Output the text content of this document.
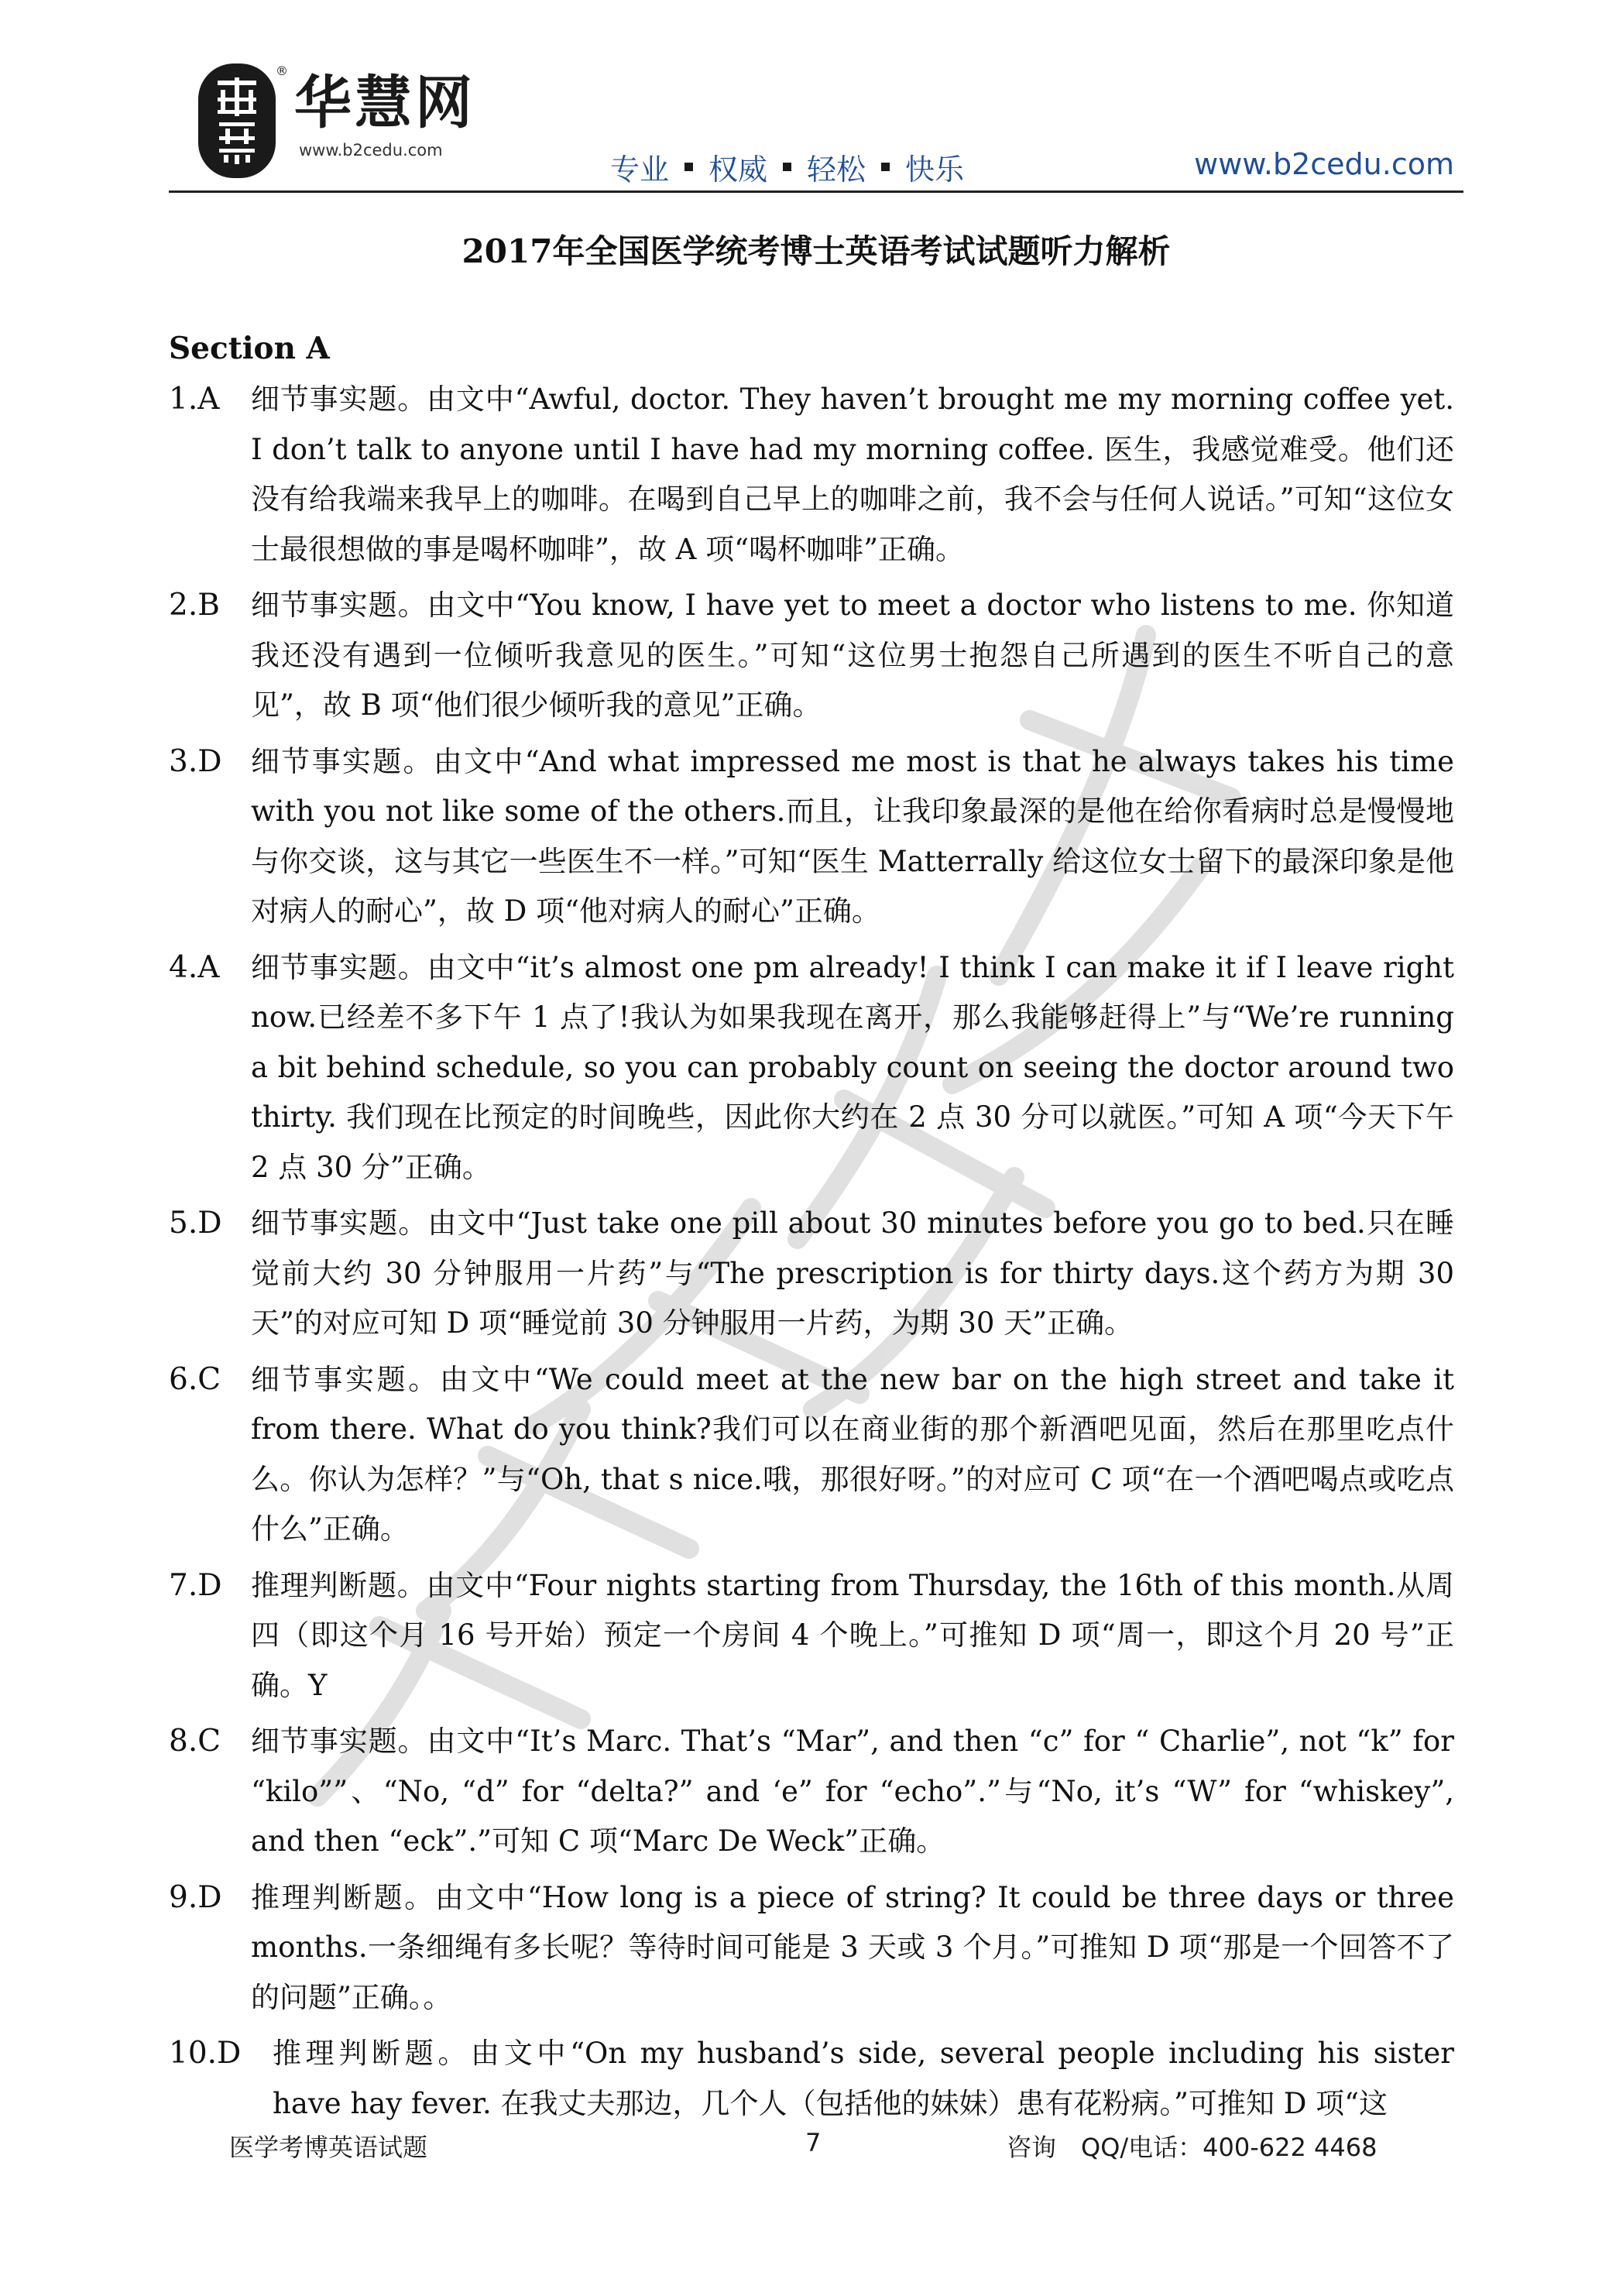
® 华慧网
www.b2cedu.com
专业 权威 轻松 快乐	www.b2cedu.com
2017年全国医学统考博士英语考试试题听力解析
Section A
1.A	细节事实题。由文中“Awful, doctor. They haven’t brought me my morning coffee yet. I don’t talk to anyone until I have had my morning coffee. 医生，我感觉难受。他们还没有给我端来我早上的咖啡。在喝到自己早上的咖啡之前，我不会与任何人说话。”可知“这位女士最很想做的事是喝杯咖啡”，故 A 项“喝杯咖啡”正确。
2.B	细节事实题。由文中“You know, I have yet to meet a doctor who listens to me. 你知道我还没有遇到一位倾听我意见的医生。”可知“这位男士抱怨自己所遇到的医生不听自己的意见”，故 B 项“他们很少倾听我的意见”正确。
3.D	细节事实题。由文中“And what impressed me most is that he always takes his time with you not like some of the others.而且，让我印象最深的是他在给你看病时总是慢慢地与你交谈，这与其它一些医生不一样。”可知“医生 Matterrally 给这位女士留下的最深印象是他对病人的耐心”，故 D 项“他对病人的耐心”正确。
4.A	细节事实题。由文中“it’s almost one pm already! I think I can make it if I leave right now.已经差不多下午 1 点了!我认为如果我现在离开，那么我能够赶得上”与“We’re running a bit behind schedule, so you can probably count on seeing the doctor around two thirty. 我们现在比预定的时间晚些，因此你大约在 2 点 30 分可以就医。”可知 A 项“今天下午 2 点 30 分”正确。
5.D	细节事实题。由文中“Just take one pill about 30 minutes before you go to bed.只在睡觉前大约 30 分钟服用一片药”与“The prescription is for thirty days.这个药方为期 30 天”的对应可知 D 项“睡觉前 30 分钟服用一片药，为期 30 天”正确。
6.C	细节事实题。由文中“We could meet at the new bar on the high street and take it from there. What do you think?我们可以在商业街的那个新酒吧见面，然后在那里吃点什么。你认为怎样？”与“Oh, that s nice.哦，那很好呀。”的对应可 C 项“在一个酒吧喝点或吃点什么”正确。
7.D	推理判断题。由文中“Four nights starting from Thursday, the 16th of this month.从周四（即这个月 16 号开始）预定一个房间 4 个晚上。”可推知 D 项“周一，即这个月 20 号”正确。Y
8.C	细节事实题。由文中“It’s Marc. That’s “Mar”, and then “c” for “ Charlie”, not “k” for “kilo””、“No, “d” for “delta?” and ‘e” for “echo”.”与“No, it’s “W” for “whiskey”, and then “eck”.”可知 C 项“Marc De Weck”正确。
9.D	推理判断题。由文中“How long is a piece of string? It could be three days or three months.一条细绳有多长呢？等待时间可能是 3 天或 3 个月。”可推知 D 项“那是一个回答不了的问题”正确。。
10.D	推理判断题。由文中“On my husband’s side, several people including his sister have hay fever. 在我丈夫那边，几个人（包括他的妹妹）患有花粉病。”可推知 D 项“这
医学考博英语试题	7	咨询　QQ/电话：400-622 4468
